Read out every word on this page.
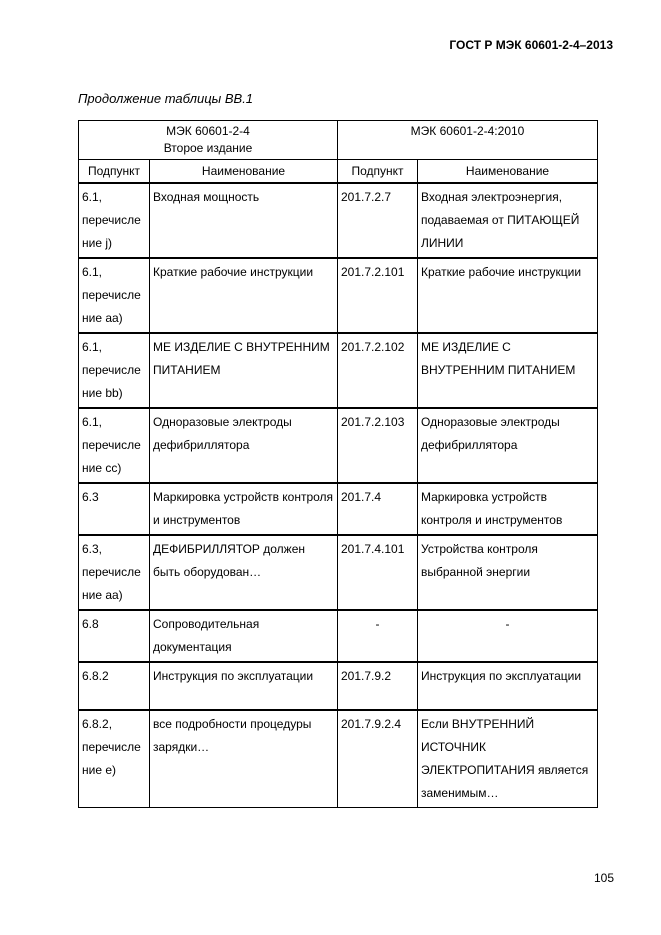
ГОСТ Р МЭК 60601-2-4–2013
Продолжение таблицы ВВ.1
МЭК 60601-2-4
Второе издание		МЭК 60601-2-4:2010	
Подпункт	Наименование	Подпункт	Наименование
6.1,
перечисле
ние j)	Входная мощность	201.7.2.7	Входная электроэнергия, подаваемая от ПИТАЮЩЕЙ ЛИНИИ
6.1,
перечисле
ние aa)	Краткие рабочие инструкции	201.7.2.101	Краткие рабочие инструкции
6.1,
перечисле
ние bb)	МЕ ИЗДЕЛИЕ С ВНУТРЕННИМ ПИТАНИЕМ	201.7.2.102	МЕ ИЗДЕЛИЕ С ВНУТРЕННИМ ПИТАНИЕМ
6.1,
перечисле
ние cc)	Одноразовые электроды дефибриллятора	201.7.2.103	Одноразовые электроды дефибриллятора
6.3	Маркировка устройств контроля и инструментов	201.7.4	Маркировка устройств контроля и инструментов
6.3,
перечисле
ние aa)	ДЕФИБРИЛЛЯТОР должен быть оборудован…	201.7.4.101	Устройства контроля выбранной энергии
6.8	Сопроводительная документация	-	-
6.8.2	Инструкция по эксплуатации	201.7.9.2	Инструкция по эксплуатации
6.8.2,
перечисле
ние e)	все подробности процедуры зарядки…	201.7.9.2.4	Если ВНУТРЕННИЙ ИСТОЧНИК ЭЛЕКТРОПИТАНИЯ является заменимым…
105
